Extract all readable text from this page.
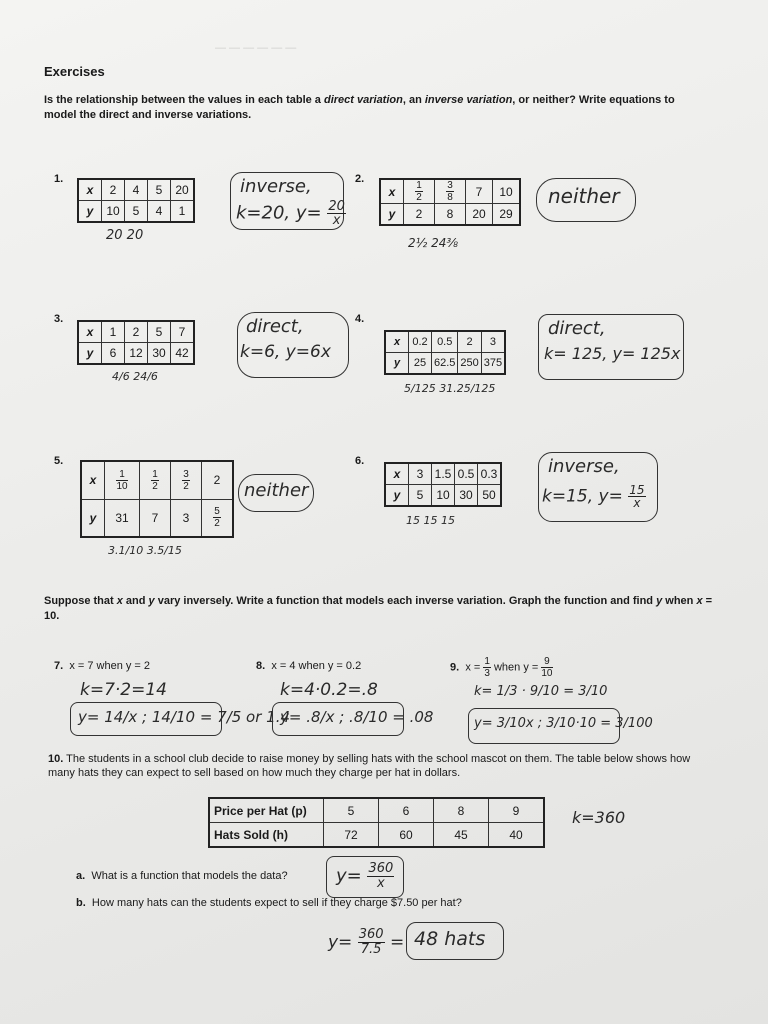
— — — — — —
Exercises

Is the relationship between the values in each table a direct variation, an inverse variation, or neither? Write equations to model the direct and inverse variations.

1.
x	2	4	5	20
y	10	5	4	1
20 20
inverse,
k=20, $y= \frac{20}{x}$
2.
x	$\frac{1}{2}$	$\frac{3}{8}$	7	10
y	2	8	20	29
2½ 24⅜
neither
3.
x	1	2	5	7
y	6	12	30	42
4/6 24/6
direct,
k=6, y=6x
4.
x	0.2	0.5	2	3
y	25	62.5	250	375
5/125 31.25/125
direct,
k= 125, y= 125x
5.
x	$\frac{1}{10}$	$\frac{1}{2}$	$\frac{3}{2}$	2
y	31	7	3	$\frac{5}{2}$
3.1/10 3.5/15
neither
6.
x	3	1.5	0.5	0.3
y	5	10	30	50
15 15 15
inverse,
k=15, $y= \frac{15}{x}$

Suppose that x and y vary inversely. Write a function that models each inverse variation. Graph the function and find y when x = 10.

7. x = 7 when y = 2
k=7·2=14
y= 14/x ; 14/10 = 7/5 or 1.4
8. x = 4 when y = 0.2
k=4·0.2=.8
y= .8/x ; .8/10 = .08
9. $x = \frac{1}{3}$ when $y = \frac{9}{10}$
k= 1/3 · 9/10 = 3/10
y= 3/10x ; 3/10·10 = 3/100
10. The students in a school club decide to raise money by selling hats with the school mascot on them. The table below shows how many hats they can expect to sell based on how much they charge per hat in dollars.
Price per Hat (p)	5	6	8	9
Hats Sold (h)	72	60	45	40
k=360
a. What is a function that models the data?	$y= \frac{360}{x}$
b. How many hats can the students expect to sell if they charge $7.50 per hat?
$y= \frac{360}{7.5} = 48$ hats
